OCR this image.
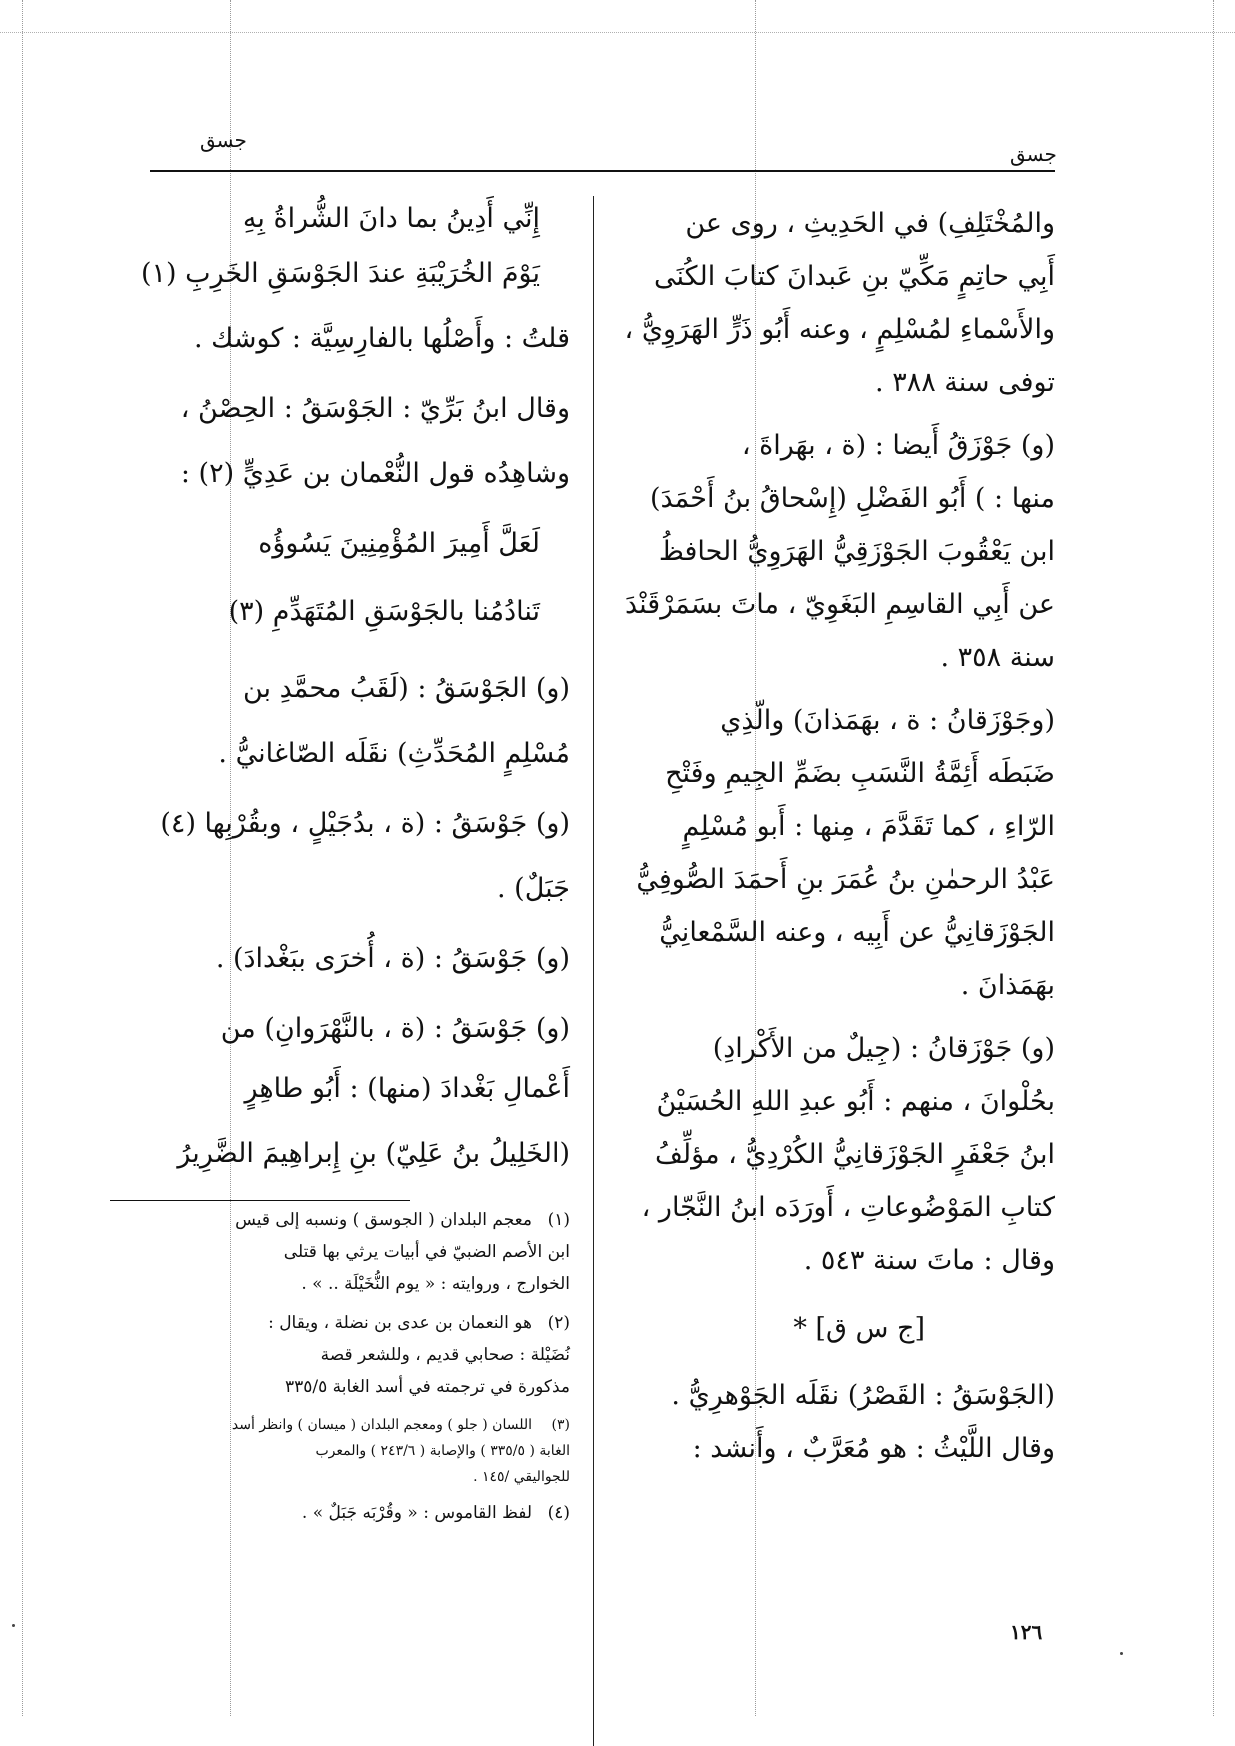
جسق
جسق
والمُخْتَلِفِ) في الحَدِيثِ ، روى عن
أَبِي حاتِمٍ مَكِّيّ بنِ عَبدانَ كتابَ الكُنَى
والأَسْماءِ لمُسْلِمٍ ، وعنه أَبُو ذَرٍّ الهَرَوِيُّ ،
توفى سنة ٣٨٨ .
(و) جَوْزَقُ أَيضا : (ة ، بهَراةَ ،
منها : ) أَبُو الفَضْلِ (إِسْحاقُ بنُ أَحْمَدَ)
ابن يَعْقُوبَ الجَوْزَقِيُّ الهَرَوِيُّ الحافظُ
عن أَبِي القاسِمِ البَغَوِيّ ، ماتَ بسَمَرْقَنْدَ
سنة ٣٥٨ .
(وجَوْزَقانُ : ة ، بهَمَذانَ) والّذِي
ضَبَطَه أَئِمَّةُ النَّسَبِ بضَمِّ الجِيمِ وفَتْحِ
الرّاءِ ، كما تَقَدَّمَ ، مِنها : أَبو مُسْلِمٍ
عَبْدُ الرحمٰنِ بنُ عُمَرَ بنِ أَحمَدَ الصُّوفِيُّ
الجَوْزَقانِيُّ عن أَبِيه ، وعنه السَّمْعانِيُّ
بهَمَذانَ .
(و) جَوْزَقانُ : (جِيلٌ من الأَكْرادِ)
بحُلْوانَ ، منهم : أَبُو عبدِ اللهِ الحُسَيْنُ
ابنُ جَعْفَرٍ الجَوْزَقانِيُّ الكُرْدِيُّ ، مؤلِّفُ
كتابِ المَوْضُوعاتِ ، أَورَدَه ابنُ النَّجّار ،
وقال : ماتَ سنة ٥٤٣ .
[ج س ق] *
(الجَوْسَقُ : القَصْرُ) نقَلَه الجَوْهرِيُّ .
وقال اللَّيْثُ : هو مُعَرَّبٌ ، وأَنشد :
إِنِّي أَدِينُ بما دانَ الشُّراةُ بِهِ
يَوْمَ الخُرَيْبَةِ عندَ الجَوْسَقِ الخَرِبِ (١)
قلتُ : وأَصْلُها بالفارِسِيَّة : كوشك .
وقال ابنُ بَرِّيّ : الجَوْسَقُ : الحِصْنُ ،
وشاهِدُه قول النُّعْمان بن عَدِيٍّ (٢) :
لَعَلَّ أَمِيرَ المُؤْمِنِينَ يَسُوؤُه
تَنادُمُنا بالجَوْسَقِ المُتَهَدِّمِ (٣)
(و) الجَوْسَقُ : (لَقَبُ محمَّدِ بن
مُسْلِمٍ المُحَدِّثِ) نقَلَه الصّاغانيُّ .
(و) جَوْسَقُ : (ة ، بدُجَيْلٍ ، وبقُرْبِها (٤)
جَبَلٌ) .
(و) جَوْسَقُ : (ة ، أُخرَى ببَغْدادَ) .
(و) جَوْسَقُ : (ة ، بالنَّهْرَوانِ) من
أَعْمالِ بَغْدادَ (منها) : أَبُو طاهِرٍ
(الخَلِيلُ بنُ عَلِيّ) بنِ إِبراهِيمَ الضَّرِيرُ
(١)معجم البلدان ( الجوسق ) ونسبه إلى قيس
ابن الأصم الضبيّ في أبيات يرثي بها قتلى
الخوارج ، وروايته : « يوم النُّخَيْلَة .. » .
(٢)هو النعمان بن عدى بن نضلة ، ويقال :
نُضَيْلة : صحابي قديم ، وللشعر قصة
مذكورة في ترجمته في أسد الغابة ٣٣٥/٥
(٣)اللسان ( جلو ) ومعجم البلدان ( ميسان ) وانظر أسد
الغابة ( ٣٣٥/٥ ) والإصابة ( ٢٤٣/٦ ) والمعرب
للجواليقي /١٤٥ .
(٤)لفظ القاموس : « وقُرْبَه جَبَلٌ » .
١٢٦
